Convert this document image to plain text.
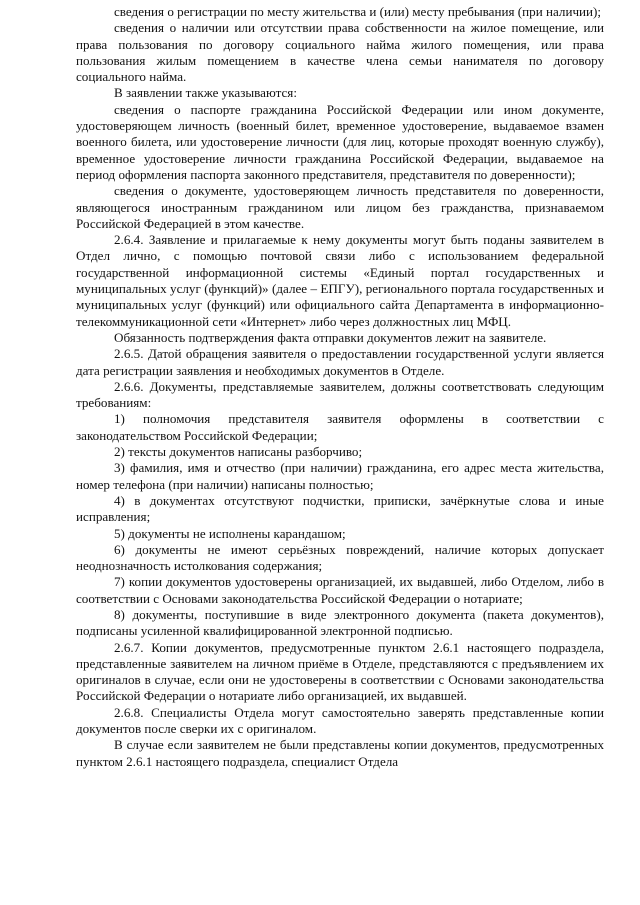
сведения о регистрации по месту жительства и (или) месту пребывания (при наличии);

сведения о наличии или отсутствии права собственности на жилое помещение, или права пользования по договору социального найма жилого помещения, или права пользования жилым помещением в качестве члена семьи нанимателя по договору социального найма.

В заявлении также указываются:

сведения о паспорте гражданина Российской Федерации или ином документе, удостоверяющем личность (военный билет, временное удостоверение, выдаваемое взамен военного билета, или удостоверение личности (для лиц, которые проходят военную службу), временное удостоверение личности гражданина Российской Федерации, выдаваемое на период оформления паспорта законного представителя, представителя по доверенности);

сведения о документе, удостоверяющем личность представителя по доверенности, являющегося иностранным гражданином или лицом без гражданства, признаваемом Российской Федерацией в этом качестве.

2.6.4. Заявление и прилагаемые к нему документы могут быть поданы заявителем в Отдел лично, с помощью почтовой связи либо с использованием федеральной государственной информационной системы «Единый портал государственных и муниципальных услуг (функций)» (далее – ЕПГУ), регионального портала государственных и муниципальных услуг (функций) или официального сайта Департамента в информационно-телекоммуникационной сети «Интернет» либо через должностных лиц МФЦ.

Обязанность подтверждения факта отправки документов лежит на заявителе.

2.6.5. Датой обращения заявителя о предоставлении государственной услуги является дата регистрации заявления и необходимых документов в Отделе.

2.6.6. Документы, представляемые заявителем, должны соответствовать следующим требованиям:

1) полномочия представителя заявителя оформлены в соответствии с законодательством Российской Федерации;

2) тексты документов написаны разборчиво;

3) фамилия, имя и отчество (при наличии) гражданина, его адрес места жительства, номер телефона (при наличии) написаны полностью;

4) в документах отсутствуют подчистки, приписки, зачёркнутые слова и иные исправления;

5) документы не исполнены карандашом;

6) документы не имеют серьёзных повреждений, наличие которых допускает неоднозначность истолкования содержания;

7) копии документов удостоверены организацией, их выдавшей, либо Отделом, либо в соответствии с Основами законодательства Российской Федерации о нотариате;

8) документы, поступившие в виде электронного документа (пакета документов), подписаны усиленной квалифицированной электронной подписью.

2.6.7. Копии документов, предусмотренные пунктом 2.6.1 настоящего подраздела, представленные заявителем на личном приёме в Отделе, представляются с предъявлением их оригиналов в случае, если они не удостоверены в соответствии с Основами законодательства Российской Федерации о нотариате либо организацией, их выдавшей.

2.6.8. Специалисты Отдела могут самостоятельно заверять представленные копии документов после сверки их с оригиналом.

В случае если заявителем не были представлены копии документов, предусмотренных пунктом 2.6.1 настоящего подраздела, специалист Отдела
